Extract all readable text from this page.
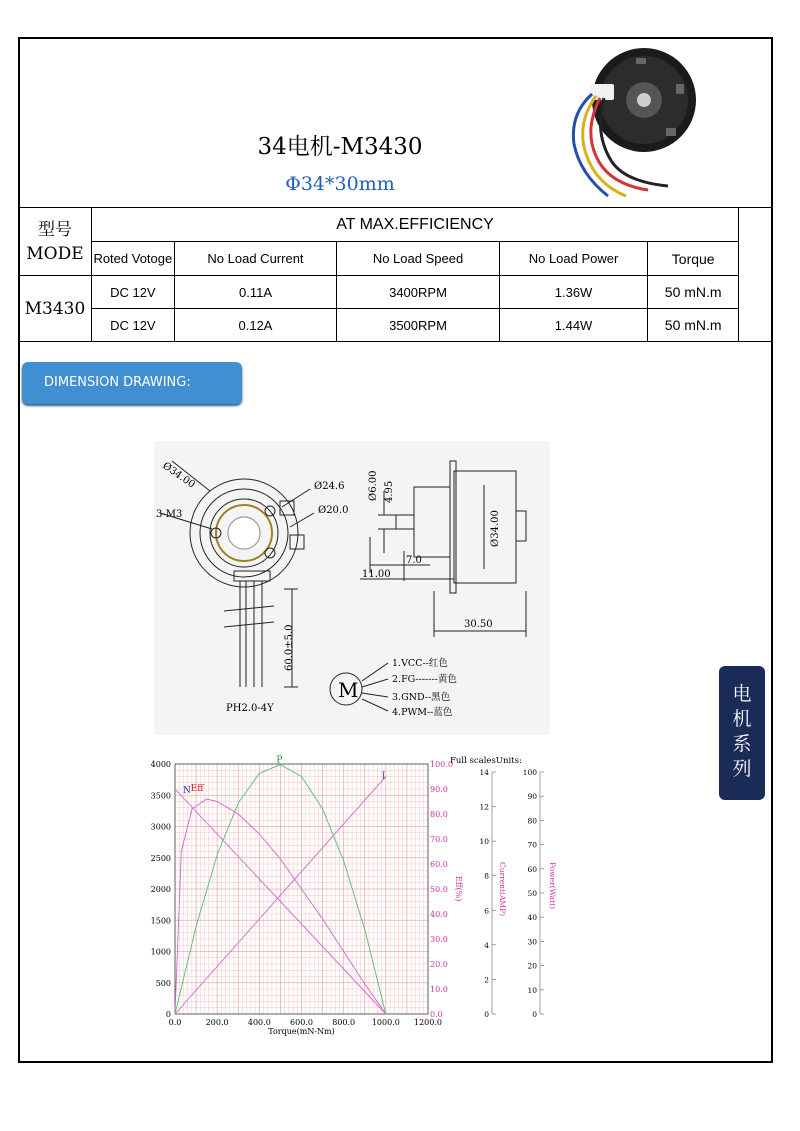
34电机-M3430
Φ34*30mm
型号
MODE	AT MAX.EFFICIENCY					
	Roted Votoge	No Load Current	No Load Speed	No Load Power	Torque	
M3430	DC 12V	0.11A	3400RPM	1.36W	50 mN.m	
	DC 12V	0.12A	3500RPM	1.44W	50 mN.m	
DIMENSION DRAWING:
电
机
系
列
Ø34.00
3-M3
Ø24.6
Ø20.0
60.0±5.0
PH2.0-4Y
Ø6.00 4.95
7.0
11.00
Ø34.00
30.50
M
1.VCC--红色
2.FG-------黄色
3.GND--黑色
4.PWM--蓝色
0
500
1000
1500
2000
2500
3000
3500
4000
0.0
10.0
20.0
30.0
40.0
50.0
60.0
70.0
80.0
90.0
100.0
Eff(%)
0.0	200.0 400.0 600.0 800.0 1000.0 1200.0
Torque(mN-Nm)
Full scalesUnits:
0
2
4
6
8
10
12
14
Current(AMP)
0
10
20
30
40
50
60
70
80
90
100
Power(Watt)
N
I
P
Eff
